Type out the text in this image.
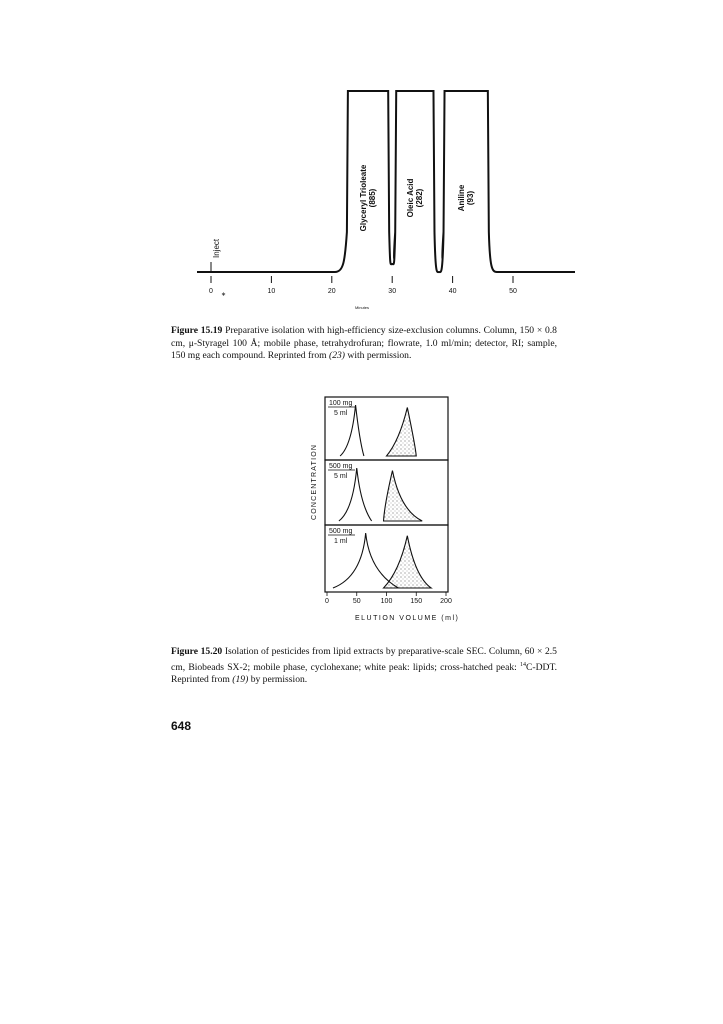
0	10	20	30	40	50
Inject
Glyceryl Trioleate (885)	Oleic Acid (282)	Aniline (93)
Minutes
∗
Figure 15.19 Preparative isolation with high-efficiency size-exclusion columns. Column, 150 × 0.8 cm, μ-Styragel 100 Å; mobile phase, tetrahydrofuran; flowrate, 1.0 ml/min; detector, RI; sample, 150 mg each compound. Reprinted from (23) with permission.
100 mg
5 ml
500 mg
5 ml
500 mg
1 ml
0	50	100	150	200
CONCENTRATION
ELUTION VOLUME (ml)
Figure 15.20 Isolation of pesticides from lipid extracts by preparative-scale SEC. Column, 60 × 2.5 cm, Biobeads SX-2; mobile phase, cyclohexane; white peak: lipids; cross-hatched peak: $^{14}$C-DDT. Reprinted from (19) by permission.
648
